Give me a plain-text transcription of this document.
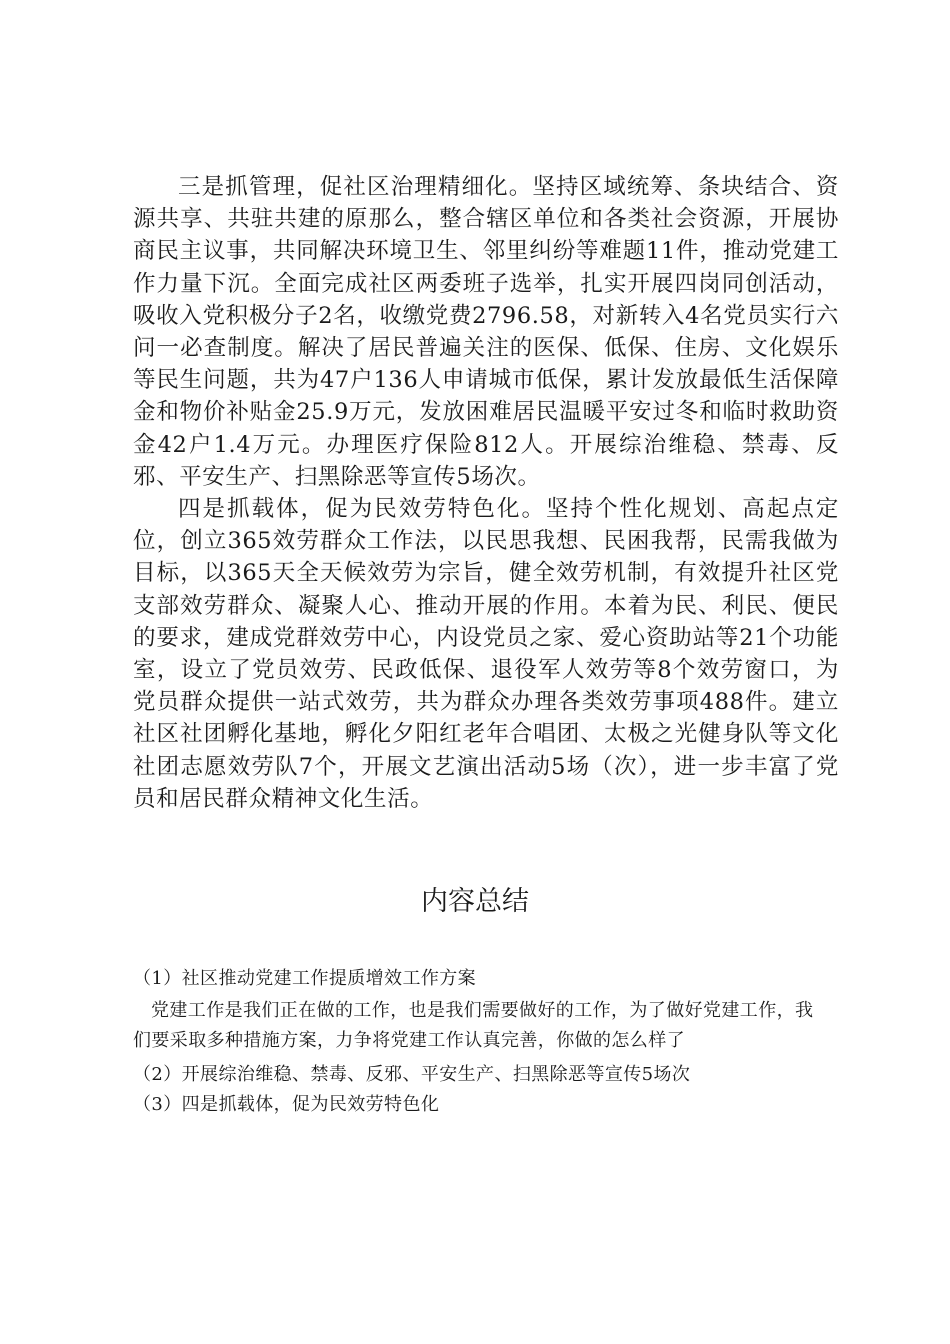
三是抓管理，促社区治理精细化。坚持区域统筹、条块结合、资源共享、共驻共建的原那么，整合辖区单位和各类社会资源，开展协商民主议事，共同解决环境卫生、邻里纠纷等难题11件，推动党建工作力量下沉。全面完成社区两委班子选举，扎实开展四岗同创活动，吸收入党积极分子2名，收缴党费2796.58，对新转入4名党员实行六问一必查制度。解决了居民普遍关注的医保、低保、住房、文化娱乐等民生问题，共为47户136人申请城市低保，累计发放最低生活保障金和物价补贴金25.9万元，发放困难居民温暖平安过冬和临时救助资金42户1.4万元。办理医疗保险812人。开展综治维稳、禁毒、反邪、平安生产、扫黑除恶等宣传5场次。

四是抓载体，促为民效劳特色化。坚持个性化规划、高起点定位，创立365效劳群众工作法，以民思我想、民困我帮，民需我做为目标，以365天全天候效劳为宗旨，健全效劳机制，有效提升社区党支部效劳群众、凝聚人心、推动开展的作用。本着为民、利民、便民的要求，建成党群效劳中心，内设党员之家、爱心资助站等21个功能室，设立了党员效劳、民政低保、退役军人效劳等8个效劳窗口，为党员群众提供一站式效劳，共为群众办理各类效劳事项488件。建立社区社团孵化基地，孵化夕阳红老年合唱团、太极之光健身队等文化社团志愿效劳队7个，开展文艺演出活动5场（次），进一步丰富了党员和居民群众精神文化生活。

内容总结

（1）社区推动党建工作提质增效工作方案

党建工作是我们正在做的工作，也是我们需要做好的工作，为了做好党建工作，我们要采取多种措施方案，力争将党建工作认真完善，你做的怎么样了

（2）开展综治维稳、禁毒、反邪、平安生产、扫黑除恶等宣传5场次

（3）四是抓载体，促为民效劳特色化
